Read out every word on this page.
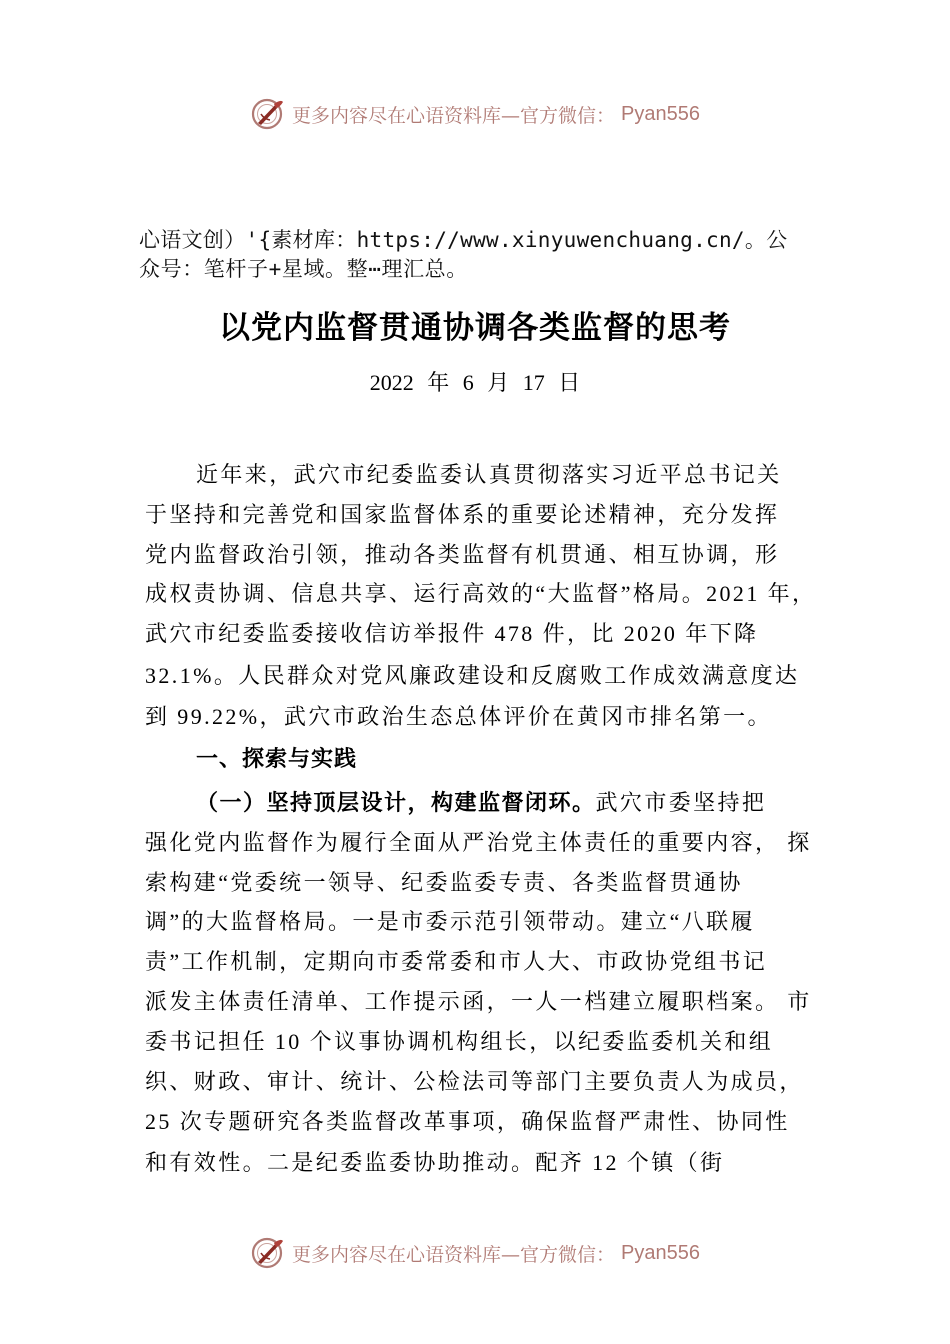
更多内容尽在心语资料库—官方微信： Pyan556
心语文创）'{素材库：https://www.xinyuwenchuang.cn/。公
众号：笔杆子+星域。整⋯理汇总。
以党内监督贯通协调各类监督的思考
2022 年 6 月 17 日
近年来，武穴市纪委监委认真贯彻落实习近平总书记关
于坚持和完善党和国家监督体系的重要论述精神，充分发挥
党内监督政治引领，推动各类监督有机贯通、相互协调，形
成权责协调、信息共享、运行高效的“大监督”格局。2021 年，
武穴市纪委监委接收信访举报件 478 件，比 2020 年下降
32.1%。人民群众对党风廉政建设和反腐败工作成效满意度达
到 99.22%，武穴市政治生态总体评价在黄冈市排名第一。
一、探索与实践
（一）坚持顶层设计，构建监督闭环。武穴市委坚持把
强化党内监督作为履行全面从严治党主体责任的重要内容， 探
索构建“党委统一领导、纪委监委专责、各类监督贯通协
调”的大监督格局。一是市委示范引领带动。建立“八联履
责”工作机制，定期向市委常委和市人大、市政协党组书记
派发主体责任清单、工作提示函，一人一档建立履职档案。 市
委书记担任 10 个议事协调机构组长，以纪委监委机关和组
织、财政、审计、统计、公检法司等部门主要负责人为成员，
25 次专题研究各类监督改革事项，确保监督严肃性、协同性
和有效性。二是纪委监委协助推动。配齐 12 个镇（街
更多内容尽在心语资料库—官方微信： Pyan556
